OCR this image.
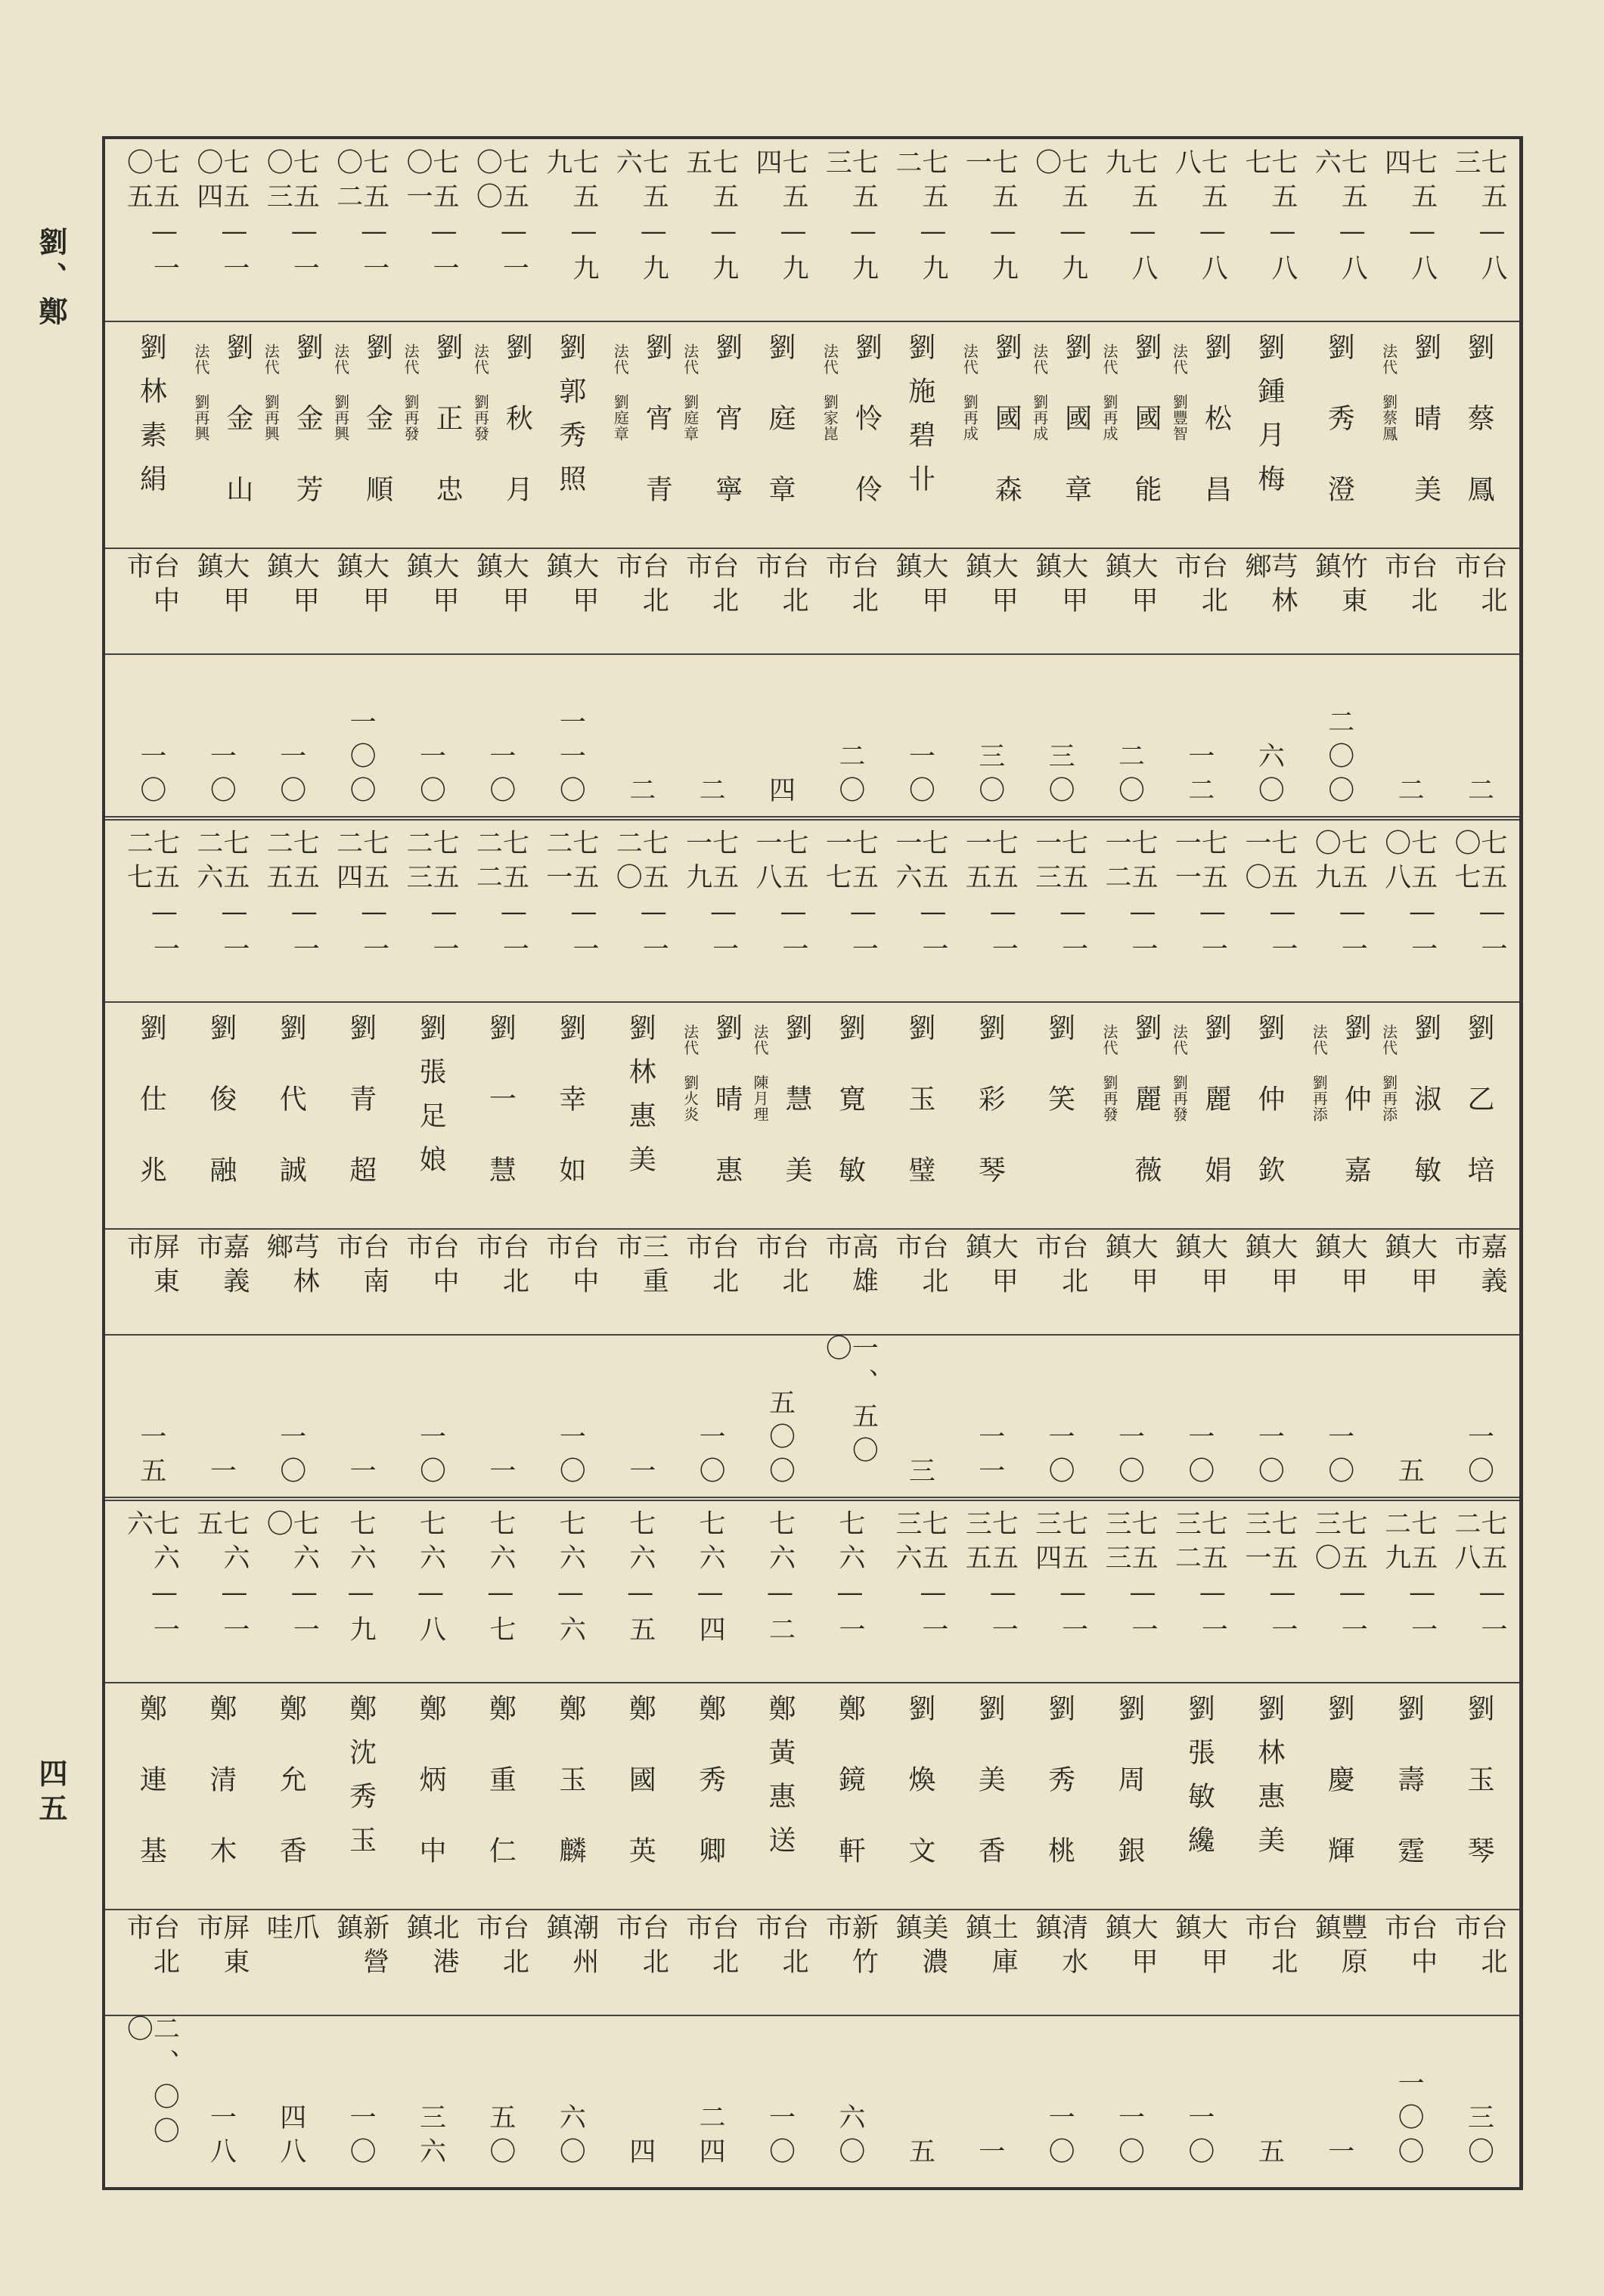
劉、鄭
四五
七五—八三
七五—八四
七五—八六
七五—八七
七五—八八
七五—八九
七五—九〇
七五—九一
七五—九二
七五—九三
七五—九四
七五—九五
七五—九六
七五—九九
七五—一〇〇
七五—一〇一
七五—一〇二
七五—一〇三
七五—一〇四
七五—一〇五
劉蔡鳳
劉晴美
法代 劉蔡鳳
劉秀澄
劉鍾月梅
劉松昌
法代 劉豐智
劉國能
法代 劉再成
劉國章
法代 劉再成
劉國森
法代 劉再成
劉施碧卝
劉怜伶
法代 劉家崑
劉庭章
劉宵寧
法代 劉庭章
劉宵青
法代 劉庭章
劉郭秀照
劉秋月
法代 劉再發
劉正忠
法代 劉再發
劉金順
法代 劉再興
劉金芳
法代 劉再興
劉金山
法代 劉再興
劉林素絹
台北市
台北市
竹東鎮
芎林鄉
台北市
大甲鎮
大甲鎮
大甲鎮
大甲鎮
台北市
台北市
台北市
台北市
大甲鎮
大甲鎮
大甲鎮
大甲鎮
大甲鎮
大甲鎮
台中市
二
二
二〇〇
六〇
一二
二〇
三〇
三〇
一〇
二〇
四
二
二
一一〇
一〇
一〇
一〇〇
一〇
一〇
一〇
七五—一〇七
七五—一〇八
七五—一〇九
七五—一一〇
七五—一一一
七五—一一二
七五—一一三
七五—一一五
七五—一一六
七五—一一七
七五—一一八
七五—一一九
七五—一二〇
七五—一二一
七五—一二二
七五—一二三
七五—一二四
七五—一二五
七五—一二六
七五—一二七
劉乙培
劉淑敏
法代 劉再添
劉仲嘉
法代 劉再添
劉仲欽
劉麗娟
法代 劉再發
劉麗薇
法代 劉再發
劉笑
劉彩琴
劉玉璧
劉寛敏
劉慧美
法代 陳月理
劉晴惠
法代 劉火炎
劉林惠美
劉幸如
劉一慧
劉張足娘
劉青超
劉代誠
劉俊融
劉仕兆
嘉義市
大甲鎮
大甲鎮
大甲鎮
大甲鎮
大甲鎮
台北市
大甲鎮
台北市
高雄市
台北市
台北市
三重市
台中市
台北市
台中市
台南市
芎林鄉
嘉義市
屏東市
一〇
五
一〇
一〇
一〇
一〇
一〇
一一
三
一、五〇〇
五〇〇
一〇
一
一〇
一
一〇
一
一〇
一
一五
七五—一二八
七五—一二九
七五—一三〇
七五—一三一
七五—一三二
七五—一三三
七五—一三四
七五—一三五
七五—一三六
七六—一
七六—二
七六—四
七六—五
七六—六
七六—七
七六—八
七六—九
七六—一〇
七六—一五
七六—一六
劉玉琴
劉壽霆
劉慶輝
劉林惠美
劉張敏纔
劉周銀
劉秀桃
劉美香
劉煥文
鄭鏡軒
鄭黃惠送
鄭秀卿
鄭國英
鄭玉麟
鄭重仁
鄭炳中
鄭沈秀玉
鄭允香
鄭清木
鄭連基
台北市
台中市
豐原鎮
台北市
大甲鎮
大甲鎮
清水鎮
土庫鎮
美濃鎮
新竹市
台北市
台北市
台北市
潮州鎮
台北市
北港鎮
新營鎮
爪 哇
屏東市
台北市
三〇
一〇〇
一
五
一〇
一〇
一〇
一
五
六〇
一〇
二四
四
六〇
五〇
三六
一〇
四八
一八
二、〇〇〇
